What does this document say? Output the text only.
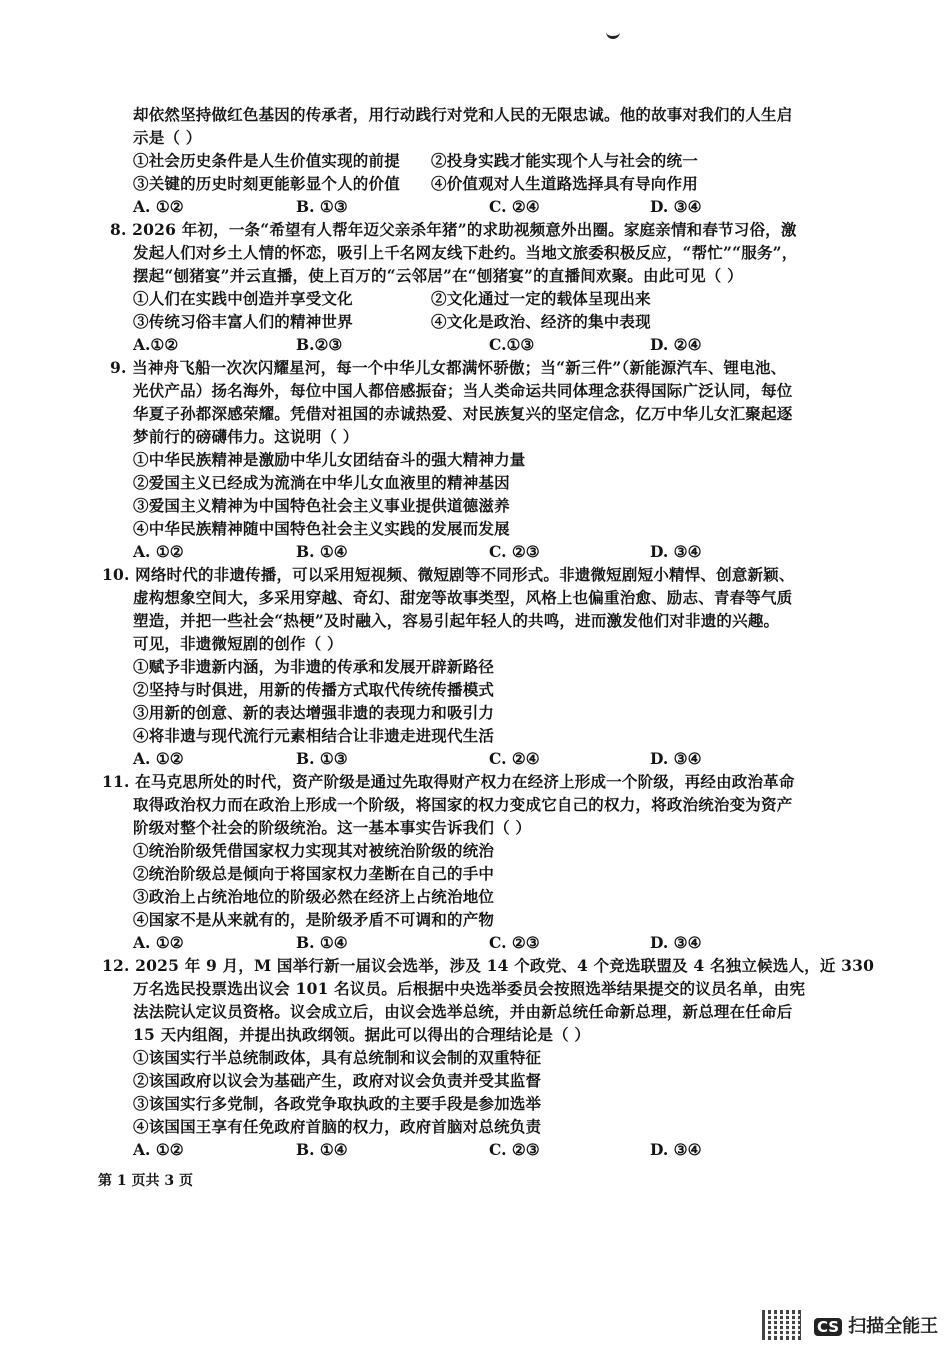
却依然坚持做红色基因的传承者，用行动践行对党和人民的无限忠诚。他的故事对我们的人生启
示是（ ）
①社会历史条件是人生价值实现的前提	②投身实践才能实现个人与社会的统一
③关键的历史时刻更能彰显个人的价值	④价值观对人生道路选择具有导向作用
A. ①②	B. ①③	C. ②④	D. ③④
8. 2026 年初，一条“希望有人帮年迈父亲杀年猪”的求助视频意外出圈。家庭亲情和春节习俗，激
发起人们对乡土人情的怀恋，吸引上千名网友线下赴约。当地文旅委积极反应，“帮忙”“服务”，
摆起“刨猪宴”并云直播，使上百万的“云邻居”在“刨猪宴”的直播间欢聚。由此可见（ ）
①人们在实践中创造并享受文化	②文化通过一定的载体呈现出来
③传统习俗丰富人们的精神世界	④文化是政治、经济的集中表现
A.①②	B.②③	C.①③	D. ②④
9. 当神舟飞船一次次闪耀星河，每一个中华儿女都满怀骄傲；当“新三件”（新能源汽车、锂电池、
光伏产品）扬名海外，每位中国人都倍感振奋；当人类命运共同体理念获得国际广泛认同，每位
华夏子孙都深感荣耀。凭借对祖国的赤诚热爱、对民族复兴的坚定信念，亿万中华儿女汇聚起逐
梦前行的磅礴伟力。这说明（ ）
①中华民族精神是激励中华儿女团结奋斗的强大精神力量
②爱国主义已经成为流淌在中华儿女血液里的精神基因
③爱国主义精神为中国特色社会主义事业提供道德滋养
④中华民族精神随中国特色社会主义实践的发展而发展
A. ①②	B. ①④	C. ②③	D. ③④
10. 网络时代的非遗传播，可以采用短视频、微短剧等不同形式。非遗微短剧短小精悍、创意新颖、
虚构想象空间大，多采用穿越、奇幻、甜宠等故事类型，风格上也偏重治愈、励志、青春等气质
塑造，并把一些社会“热梗”及时融入，容易引起年轻人的共鸣，进而激发他们对非遗的兴趣。
可见，非遗微短剧的创作（ ）
①赋予非遗新内涵，为非遗的传承和发展开辟新路径
②坚持与时俱进，用新的传播方式取代传统传播模式
③用新的创意、新的表达增强非遗的表现力和吸引力
④将非遗与现代流行元素相结合让非遗走进现代生活
A. ①②	B. ①③	C. ②④	D. ③④
11. 在马克思所处的时代，资产阶级是通过先取得财产权力在经济上形成一个阶级，再经由政治革命
取得政治权力而在政治上形成一个阶级，将国家的权力变成它自己的权力，将政治统治变为资产
阶级对整个社会的阶级统治。这一基本事实告诉我们（ ）
①统治阶级凭借国家权力实现其对被统治阶级的统治
②统治阶级总是倾向于将国家权力垄断在自己的手中
③政治上占统治地位的阶级必然在经济上占统治地位
④国家不是从来就有的，是阶级矛盾不可调和的产物
A. ①②	B. ①④	C. ②③	D. ③④
12. 2025 年 9 月，M 国举行新一届议会选举，涉及 14 个政党、4 个竞选联盟及 4 名独立候选人，近 330
万名选民投票选出议会 101 名议员。后根据中央选举委员会按照选举结果提交的议员名单，由宪
法法院认定议员资格。议会成立后，由议会选举总统，并由新总统任命新总理，新总理在任命后
15 天内组阁，并提出执政纲领。据此可以得出的合理结论是（ ）
①该国实行半总统制政体，具有总统制和议会制的双重特征
②该国政府以议会为基础产生，政府对议会负责并受其监督
③该国实行多党制，各政党争取执政的主要手段是参加选举
④该国国王享有任免政府首脑的权力，政府首脑对总统负责
A. ①②	B. ①④	C. ②③	D. ③④
第 1 页共 3 页
CS 扫描全能王
